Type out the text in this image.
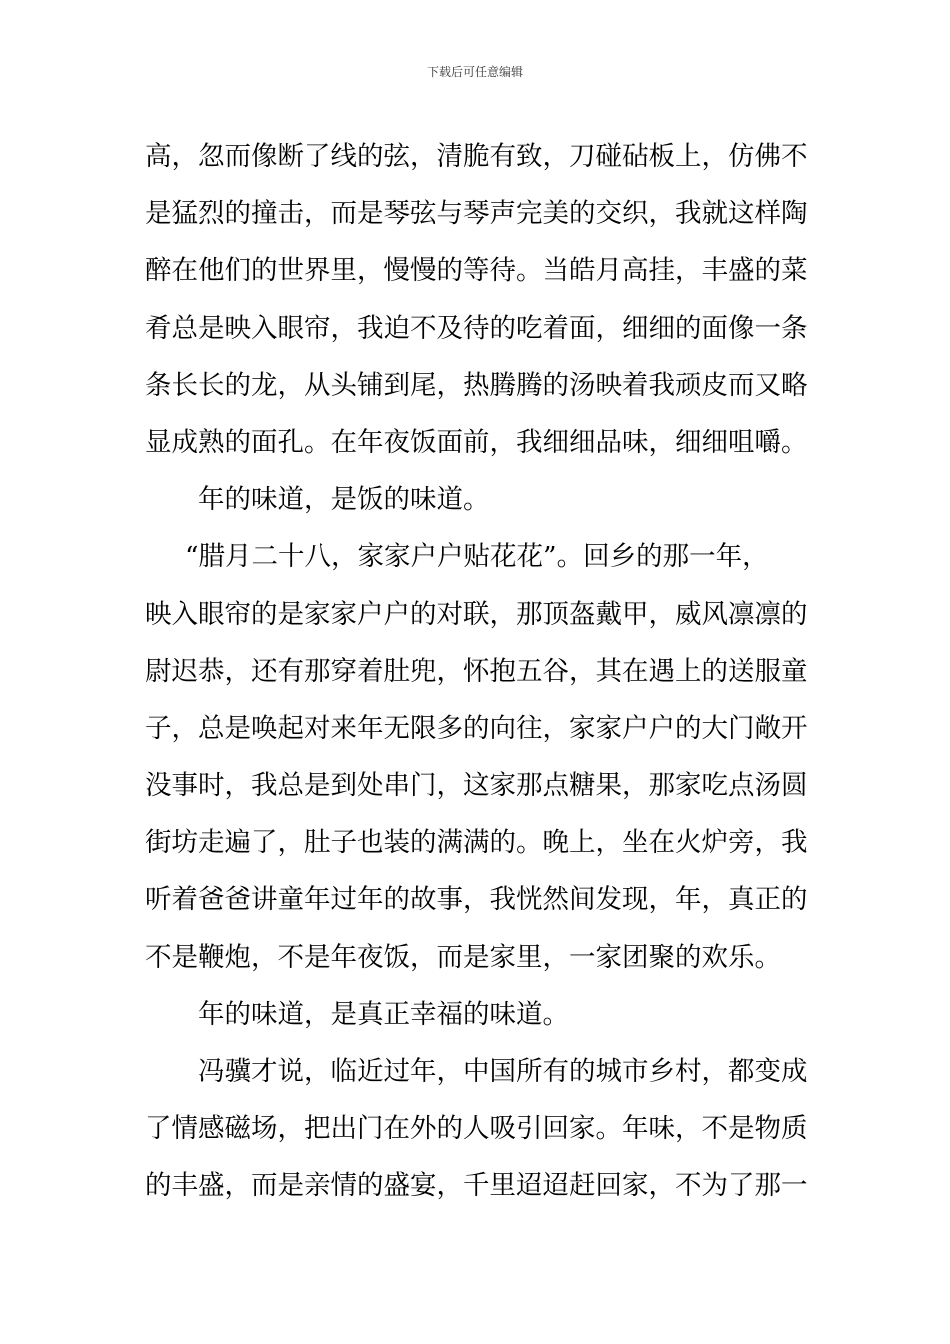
下载后可任意编辑
高，忽而像断了线的弦，清脆有致，刀碰砧板上，仿佛不
是猛烈的撞击，而是琴弦与琴声完美的交织，我就这样陶
醉在他们的世界里，慢慢的等待。当皓月高挂，丰盛的菜
肴总是映入眼帘，我迫不及待的吃着面，细细的面像一条
条长长的龙，从头铺到尾，热腾腾的汤映着我顽皮而又略
显成熟的面孔。在年夜饭面前，我细细品味，细细咀嚼。
年的味道，是饭的味道。
“腊月二十八，家家户户贴花花”。回乡的那一年，
映入眼帘的是家家户户的对联，那顶盔戴甲，威风凛凛的
尉迟恭，还有那穿着肚兜，怀抱五谷，其在遇上的送服童
子，总是唤起对来年无限多的向往，家家户户的大门敞开
没事时，我总是到处串门，这家那点糖果，那家吃点汤圆
街坊走遍了，肚子也装的满满的。晚上，坐在火炉旁，我
听着爸爸讲童年过年的故事，我恍然间发现，年，真正的
不是鞭炮，不是年夜饭，而是家里，一家团聚的欢乐。
年的味道，是真正幸福的味道。
冯骥才说，临近过年，中国所有的城市乡村，都变成
了情感磁场，把出门在外的人吸引回家。年味，不是物质
的丰盛，而是亲情的盛宴，千里迢迢赶回家，不为了那一
